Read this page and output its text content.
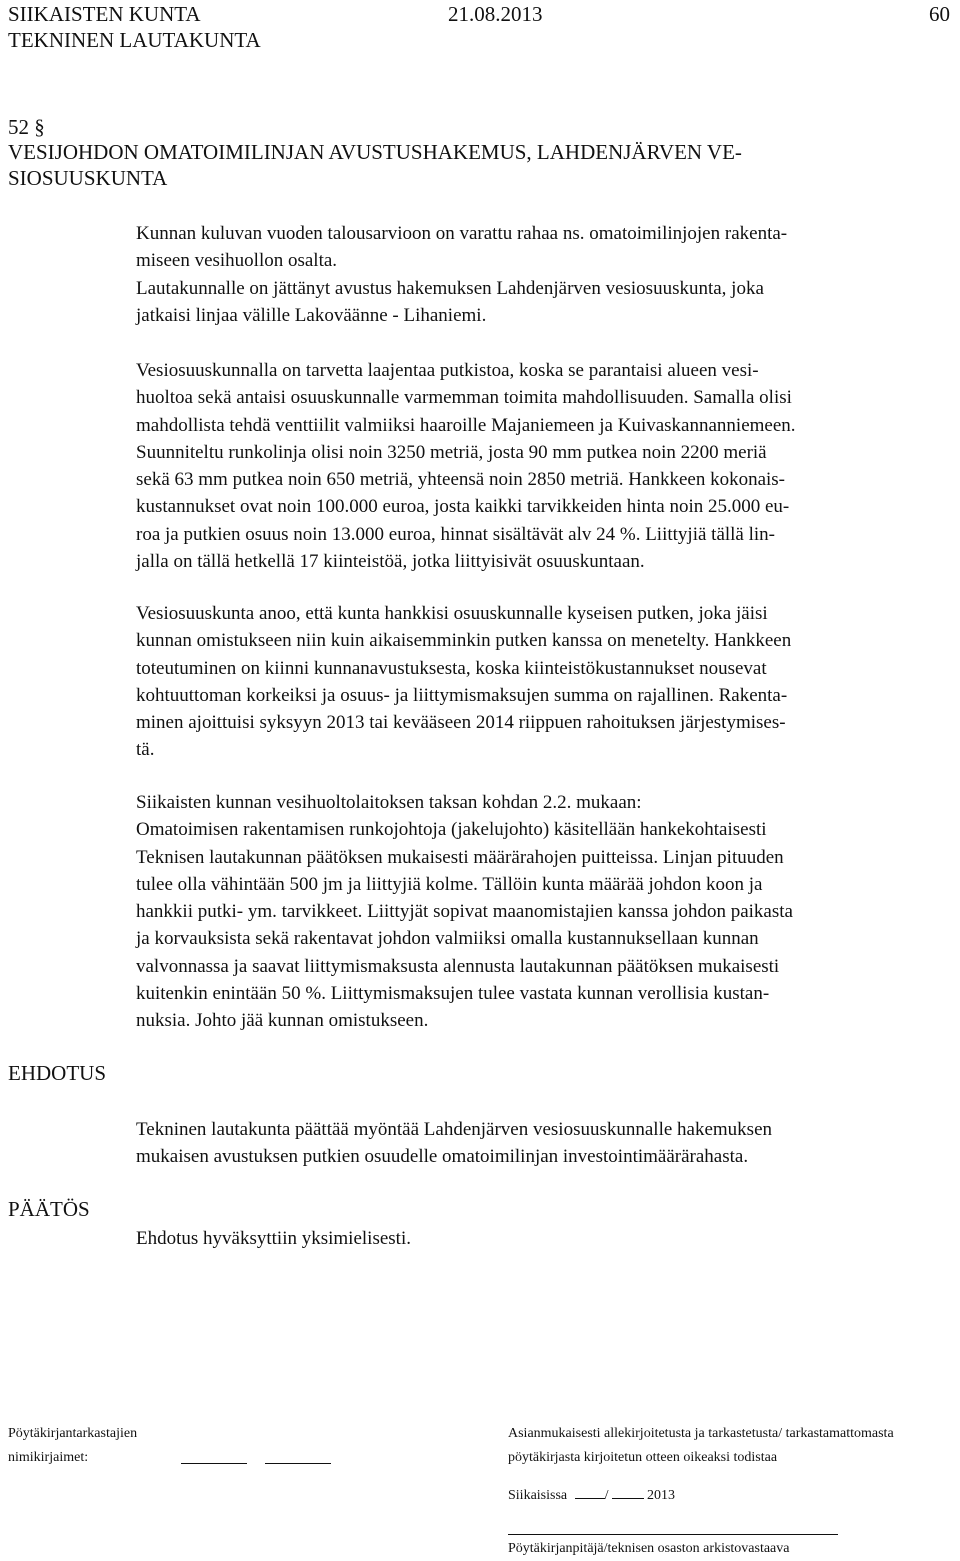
SIIKAISTEN KUNTA	21.08.2013	60
TEKNINEN LAUTAKUNTA
52 §
VESIJOHDON OMATOIMILINJAN AVUSTUSHAKEMUS, LAHDENJÄRVEN VE-
SIOSUUSKUNTA

Kunnan kuluvan vuoden talousarvioon on varattu rahaa ns. omatoimilinjojen rakenta-
miseen vesihuollon osalta.
Lautakunnalle on jättänyt avustus hakemuksen Lahdenjärven vesiosuuskunta, joka
jatkaisi linjaa välille Lakoväänne - Lihaniemi.

Vesiosuuskunnalla on tarvetta laajentaa putkistoa, koska se parantaisi alueen vesi-
huoltoa sekä antaisi osuuskunnalle varmemman toimita mahdollisuuden. Samalla olisi
mahdollista tehdä venttiilit valmiiksi haaroille Majaniemeen ja Kuivaskannanniemeen.
Suunniteltu runkolinja olisi noin 3250 metriä, josta 90 mm putkea noin 2200 meriä
sekä 63 mm putkea noin 650 metriä, yhteensä noin 2850 metriä. Hankkeen kokonais-
kustannukset ovat noin 100.000 euroa, josta kaikki tarvikkeiden hinta noin 25.000 eu-
roa ja putkien osuus noin 13.000 euroa, hinnat sisältävät alv 24 %. Liittyjiä tällä lin-
jalla on tällä hetkellä 17 kiinteistöä, jotka liittyisivät osuuskuntaan.

Vesiosuuskunta anoo, että kunta hankkisi osuuskunnalle kyseisen putken, joka jäisi
kunnan omistukseen niin kuin aikaisemminkin putken kanssa on menetelty. Hankkeen
toteutuminen on kiinni kunnanavustuksesta, koska kiinteistökustannukset nousevat
kohtuuttoman korkeiksi ja osuus- ja liittymismaksujen summa on rajallinen. Rakenta-
minen ajoittuisi syksyyn 2013 tai kevääseen 2014 riippuen rahoituksen järjestymises-
tä.

Siikaisten kunnan vesihuoltolaitoksen taksan kohdan 2.2. mukaan:
Omatoimisen rakentamisen runkojohtoja (jakelujohto) käsitellään hankekohtaisesti
Teknisen lautakunnan päätöksen mukaisesti määrärahojen puitteissa. Linjan pituuden
tulee olla vähintään 500 jm ja liittyjiä kolme. Tällöin kunta määrää johdon koon ja
hankkii putki- ym. tarvikkeet. Liittyjät sopivat maanomistajien kanssa johdon paikasta
ja korvauksista sekä rakentavat johdon valmiiksi omalla kustannuksellaan kunnan
valvonnassa ja saavat liittymismaksusta alennusta lautakunnan päätöksen mukaisesti
kuitenkin enintään 50 %. Liittymismaksujen tulee vastata kunnan verollisia kustan-
nuksia. Johto jää kunnan omistukseen.

EHDOTUS

Tekninen lautakunta päättää myöntää Lahdenjärven vesiosuuskunnalle hakemuksen
mukaisen avustuksen putkien osuudelle omatoimilinjan investointimäärärahasta.

PÄÄTÖS

Ehdotus hyväksyttiin yksimielisesti.

Pöytäkirjantarkastajien
nimikirjaimet:
Asianmukaisesti allekirjoitetusta ja tarkastetusta/ tarkastamattomasta
pöytäkirjasta kirjoitetun otteen oikeaksi todistaa
Siikaisissa	/	2013
Pöytäkirjanpitäjä/teknisen osaston arkistovastaava
